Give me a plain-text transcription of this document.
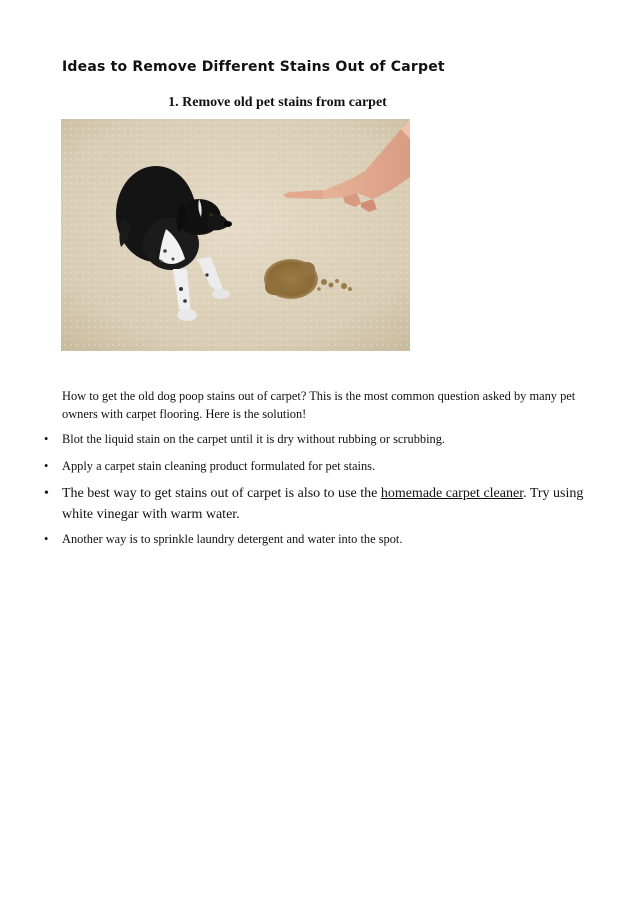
Ideas to Remove Different Stains Out of Carpet
1. Remove old pet stains from carpet

How to get the old dog poop stains out of carpet? This is the most common question asked by many pet owners with carpet flooring. Here is the solution!

• Blot the liquid stain on the carpet until it is dry without rubbing or scrubbing.
• Apply a carpet stain cleaning product formulated for pet stains.
• The best way to get stains out of carpet is also to use the homemade carpet cleaner. Try using white vinegar with warm water.
• Another way is to sprinkle laundry detergent and water into the spot.
